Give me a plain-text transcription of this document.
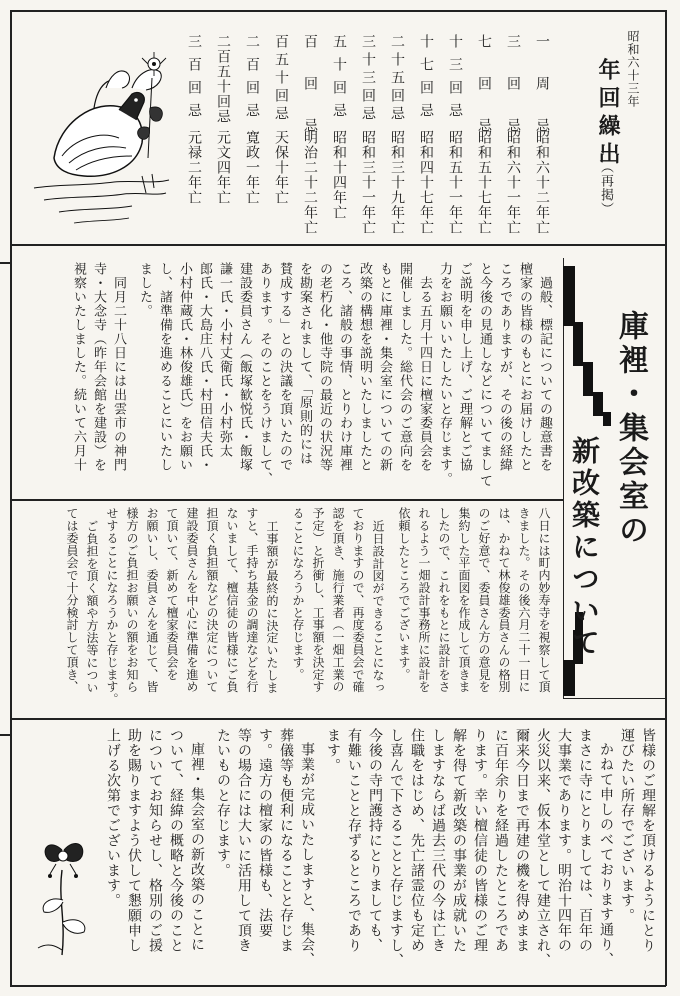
昭和六十三年
年回繰出
（再掲）
一　周　忌
昭和六十二年亡
三　回　忌
昭和六十一年亡
七　回　忌
昭和五十七年亡
十三回忌
昭和五十一年亡
十七回忌
昭和四十七年亡
二十五回忌
昭和三十九年亡
三十三回忌
昭和三十一年亡
五十回忌
昭和十四年亡
百　回　忌
明治二十二年亡
百五十回忌
天保十年亡
二百回忌
寛政一年亡
二百五十回忌
元文四年亡
三百回忌
元禄二年亡
庫裡・集会室の
新改築について
過般、標記についての趣意書を
檀家の皆様のもとにお届けしたと
ころでありますが、その後の経緯
と今後の見通しなどについてまし
て
ご説明を申し上げ、ご理解とご協
力をお願いいたしたいと存じます。
去る五月十四日に檀家委員会を
開催しました。総代会のご意向を
もとに庫裡・集会室についての新
改築の構想を説明いたしましたと
ころ、諸般の事情、とりわけ庫裡
の老朽化・他寺院の最近の状況等
を勘案されまして、「原則的には
賛成する」との決議を頂いたので
あります。そのことをうけまして、
建設委員さん（飯塚歓悦氏・飯塚
謙一氏・小村丈衛氏・小村弥太
郎氏・大島庄八氏・村田信夫氏・
小村仲蔵氏・林俊雄氏）をお願い
し、諸準備を進めることにいたし
ました。
同月二十八日には出雲市の神門
寺・大念寺（昨年会館を建設）を
視察いたしました。続いて六月十
八日には町内妙寿寺を視察して頂
きました。その後六月二十一日に
は、かねて林俊雄委員さんの格別
のご好意で、委員さん方の意見を
集約した平面図を作成して頂きま
したので、これをもとに設計をさ
れるよう一畑設計事務所に設計を
依頼したところでございます。
近日設計図ができることになっ
ておりますので、再度委員会で確
認を頂き、施行業者（一畑工業の
予定）と折衝し、工事額を決定す
ることになろうかと存じます。
工事額が最終的に決定いたしま
すと、手持ち基金の調達などを行
ないまして、檀信徒の皆様にご負
担頂く負担額などの決定について
建設委員さんを中心に準備を進め
て頂いて、新めて檀家委員会を
お願いし、委員さんを通じて、皆
様方のご負担お願いの額をお知ら
せすることになろうかと存じます。
ご負担を頂く額や方法等につい
ては委員会で十分検討して頂き、
皆様のご理解を頂けるようにとり
運びたい所存でございます。
かねて申しのべております通り、
まさに寺にとりましては、百年の
大事業であります。明治十四年の
火災以来、仮本堂として建立され、
爾来今日まで再建の機を得めまま
に百年余りを経過したところであ
ります。幸い檀信徒の皆様のご理
解を得て新改築の事業が成就いた
しますならば過去三代の今は亡き
住職をはじめ、先亡諸霊位も定め
し喜んで下さることと存じますし、
今後の寺門護持にとりましても、
有難いことと存ずるところであり
ます。
事業が完成いたしますと、集会、
葬儀等も便利になることと存じま
す。遠方の檀家の皆様も、法要
等の場合には大いに活用して頂き
たいものと存じます。
庫裡・集会室の新改築のことに
ついて、経緯の概略と今後のこと
についてお知らせし、格別のご援
助を賜りますよう伏して懇願申し
上げる次第でございます。
